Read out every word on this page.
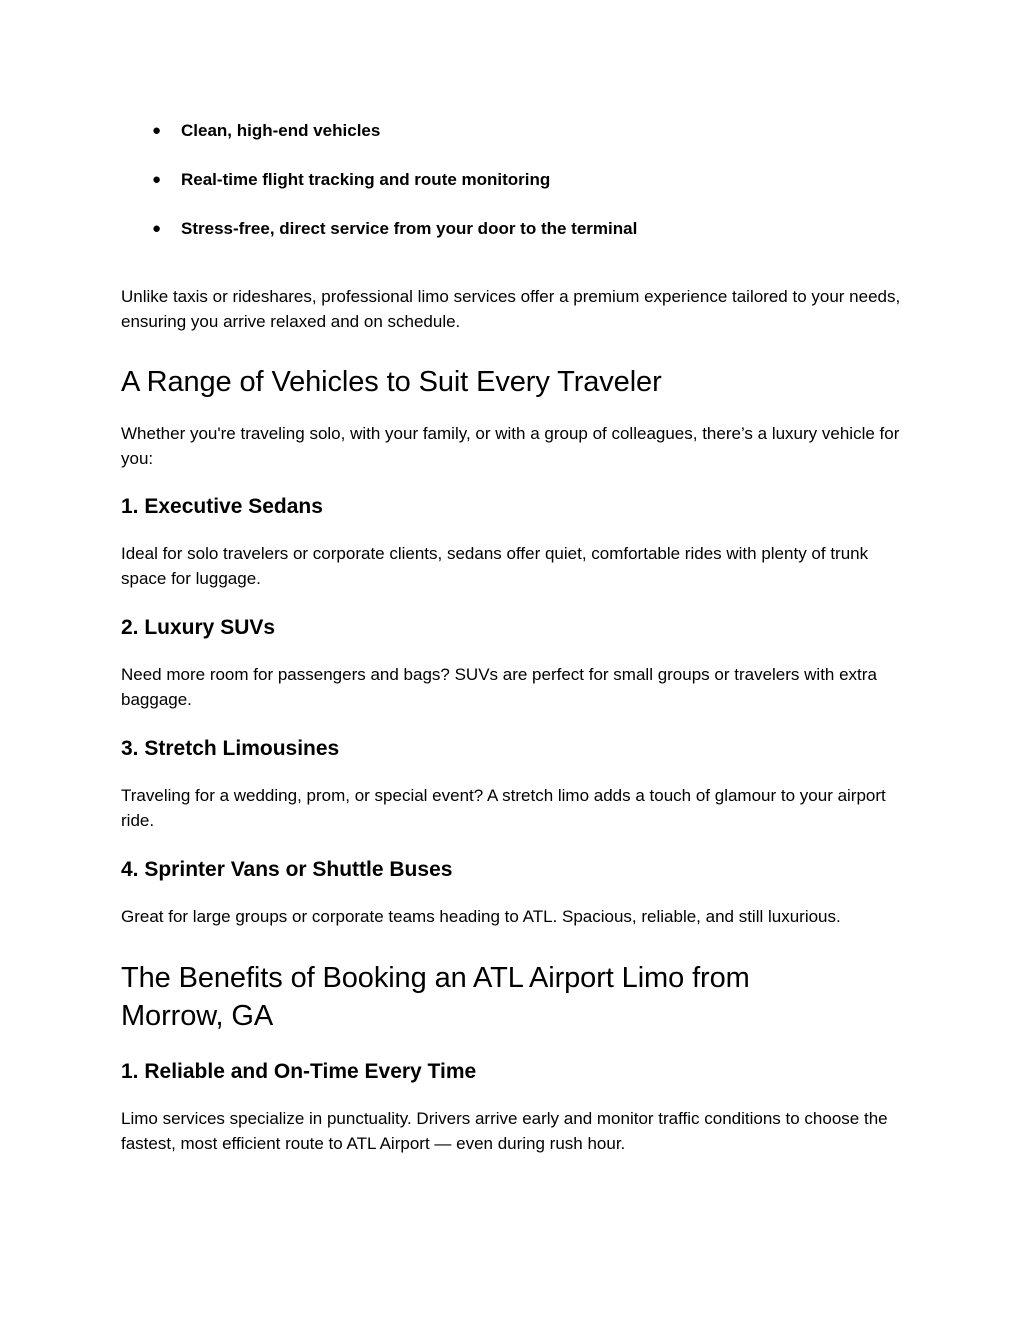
● Clean, high-end vehicles
● Real-time flight tracking and route monitoring
● Stress-free, direct service from your door to the terminal

Unlike taxis or rideshares, professional limo services offer a premium experience tailored to your needs, ensuring you arrive relaxed and on schedule.

A Range of Vehicles to Suit Every Traveler

Whether you're traveling solo, with your family, or with a group of colleagues, there’s a luxury vehicle for you:

1. Executive Sedans

Ideal for solo travelers or corporate clients, sedans offer quiet, comfortable rides with plenty of trunk space for luggage.

2. Luxury SUVs

Need more room for passengers and bags? SUVs are perfect for small groups or travelers with extra baggage.

3. Stretch Limousines

Traveling for a wedding, prom, or special event? A stretch limo adds a touch of glamour to your airport ride.

4. Sprinter Vans or Shuttle Buses

Great for large groups or corporate teams heading to ATL. Spacious, reliable, and still luxurious.

The Benefits of Booking an ATL Airport Limo from Morrow, GA
1. Reliable and On-Time Every Time

Limo services specialize in punctuality. Drivers arrive early and monitor traffic conditions to choose the fastest, most efficient route to ATL Airport — even during rush hour.
